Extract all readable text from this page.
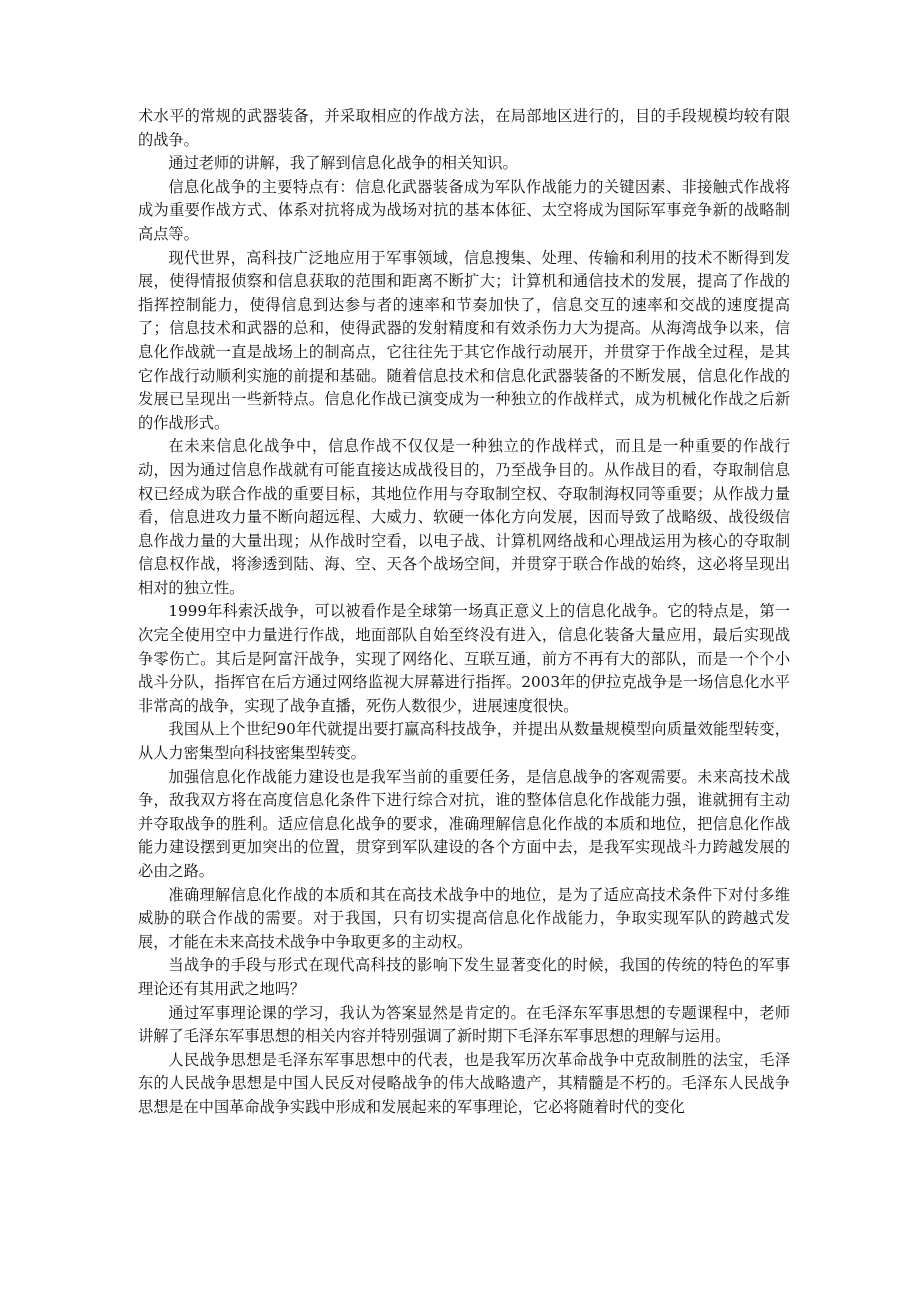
术水平的常规的武器装备，并采取相应的作战方法，在局部地区进行的，目的手段规模均较有限的战争。

通过老师的讲解，我了解到信息化战争的相关知识。

信息化战争的主要特点有：信息化武器装备成为军队作战能力的关键因素、非接触式作战将成为重要作战方式、体系对抗将成为战场对抗的基本体征、太空将成为国际军事竞争新的战略制高点等。

现代世界，高科技广泛地应用于军事领域，信息搜集、处理、传输和利用的技术不断得到发展，使得情报侦察和信息获取的范围和距离不断扩大；计算机和通信技术的发展，提高了作战的指挥控制能力，使得信息到达参与者的速率和节奏加快了，信息交互的速率和交战的速度提高了；信息技术和武器的总和，使得武器的发射精度和有效杀伤力大为提高。从海湾战争以来，信息化作战就一直是战场上的制高点，它往往先于其它作战行动展开，并贯穿于作战全过程，是其它作战行动顺利实施的前提和基础。随着信息技术和信息化武器装备的不断发展，信息化作战的发展已呈现出一些新特点。信息化作战已演变成为一种独立的作战样式，成为机械化作战之后新的作战形式。

在未来信息化战争中，信息作战不仅仅是一种独立的作战样式，而且是一种重要的作战行动，因为通过信息作战就有可能直接达成战役目的，乃至战争目的。从作战目的看，夺取制信息权已经成为联合作战的重要目标，其地位作用与夺取制空权、夺取制海权同等重要；从作战力量看，信息进攻力量不断向超远程、大威力、软硬一体化方向发展，因而导致了战略级、战役级信息作战力量的大量出现；从作战时空看，以电子战、计算机网络战和心理战运用为核心的夺取制信息权作战，将渗透到陆、海、空、天各个战场空间，并贯穿于联合作战的始终，这必将呈现出相对的独立性。

1999年科索沃战争，可以被看作是全球第一场真正意义上的信息化战争。它的特点是，第一次完全使用空中力量进行作战，地面部队自始至终没有进入，信息化装备大量应用，最后实现战争零伤亡。其后是阿富汗战争，实现了网络化、互联互通，前方不再有大的部队，而是一个个小战斗分队，指挥官在后方通过网络监视大屏幕进行指挥。2003年的伊拉克战争是一场信息化水平非常高的战争，实现了战争直播，死伤人数很少，进展速度很快。

我国从上个世纪90年代就提出要打赢高科技战争，并提出从数量规模型向质量效能型转变，从人力密集型向科技密集型转变。

加强信息化作战能力建设也是我军当前的重要任务，是信息战争的客观需要。未来高技术战争，敌我双方将在高度信息化条件下进行综合对抗，谁的整体信息化作战能力强，谁就拥有主动并夺取战争的胜利。适应信息化战争的要求，准确理解信息化作战的本质和地位，把信息化作战能力建设摆到更加突出的位置，贯穿到军队建设的各个方面中去，是我军实现战斗力跨越发展的必由之路。

准确理解信息化作战的本质和其在高技术战争中的地位，是为了适应高技术条件下对付多维威胁的联合作战的需要。对于我国，只有切实提高信息化作战能力，争取实现军队的跨越式发展，才能在未来高技术战争中争取更多的主动权。

当战争的手段与形式在现代高科技的影响下发生显著变化的时候，我国的传统的特色的军事理论还有其用武之地吗？

通过军事理论课的学习，我认为答案显然是肯定的。在毛泽东军事思想的专题课程中，老师讲解了毛泽东军事思想的相关内容并特别强调了新时期下毛泽东军事思想的理解与运用。

人民战争思想是毛泽东军事思想中的代表，也是我军历次革命战争中克敌制胜的法宝，毛泽东的人民战争思想是中国人民反对侵略战争的伟大战略遗产，其精髓是不朽的。毛泽东人民战争思想是在中国革命战争实践中形成和发展起来的军事理论，它必将随着时代的变化
